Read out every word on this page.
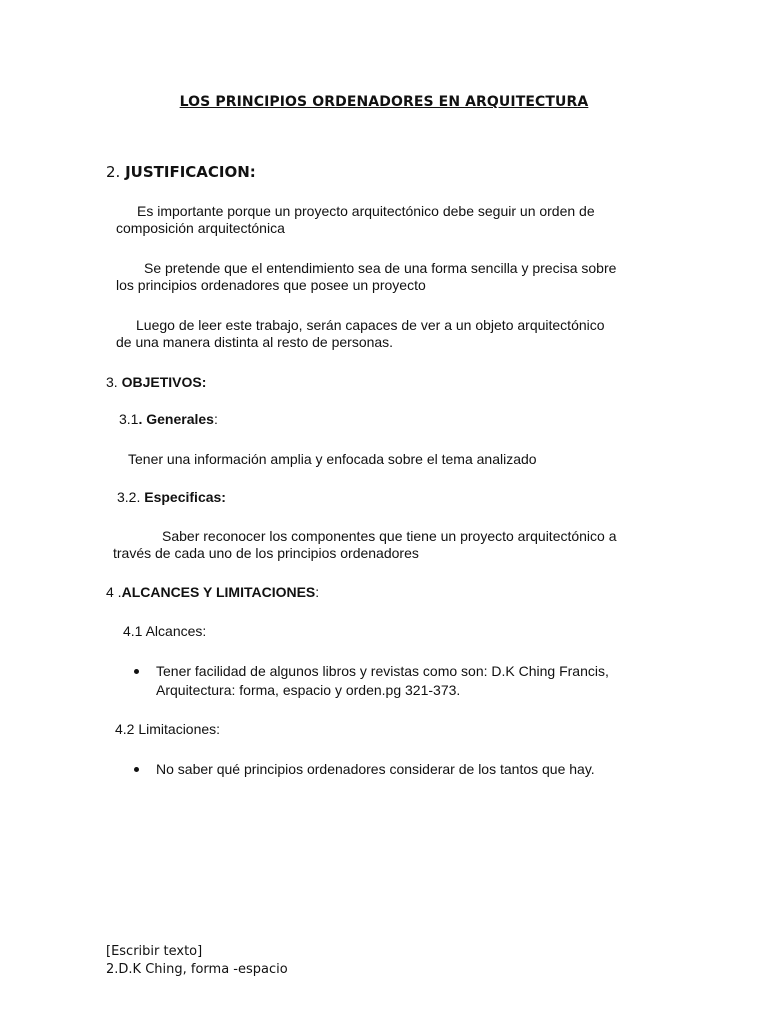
LOS PRINCIPIOS ORDENADORES EN ARQUITECTURA
2. JUSTIFICACION:
Es importante porque un proyecto arquitectónico debe seguir un orden de
composición arquitectónica
Se pretende que el entendimiento sea de una forma sencilla y precisa sobre
los principios ordenadores que posee un proyecto
Luego de leer este trabajo, serán capaces de ver a un objeto arquitectónico
de una manera distinta al resto de personas.
3. OBJETIVOS:
3.1. Generales:
Tener una información amplia y enfocada sobre el tema analizado
3.2. Especificas:
Saber reconocer los componentes que tiene un proyecto arquitectónico a
través de cada uno de los principios ordenadores
4 .ALCANCES Y LIMITACIONES:
4.1 Alcances:
Tener facilidad de algunos libros y revistas como son: D.K Ching Francis,
Arquitectura: forma, espacio y orden.pg 321-373.
4.2 Limitaciones:
No saber qué principios ordenadores considerar de los tantos que hay.
[Escribir texto]
2.D.K Ching, forma -espacio
